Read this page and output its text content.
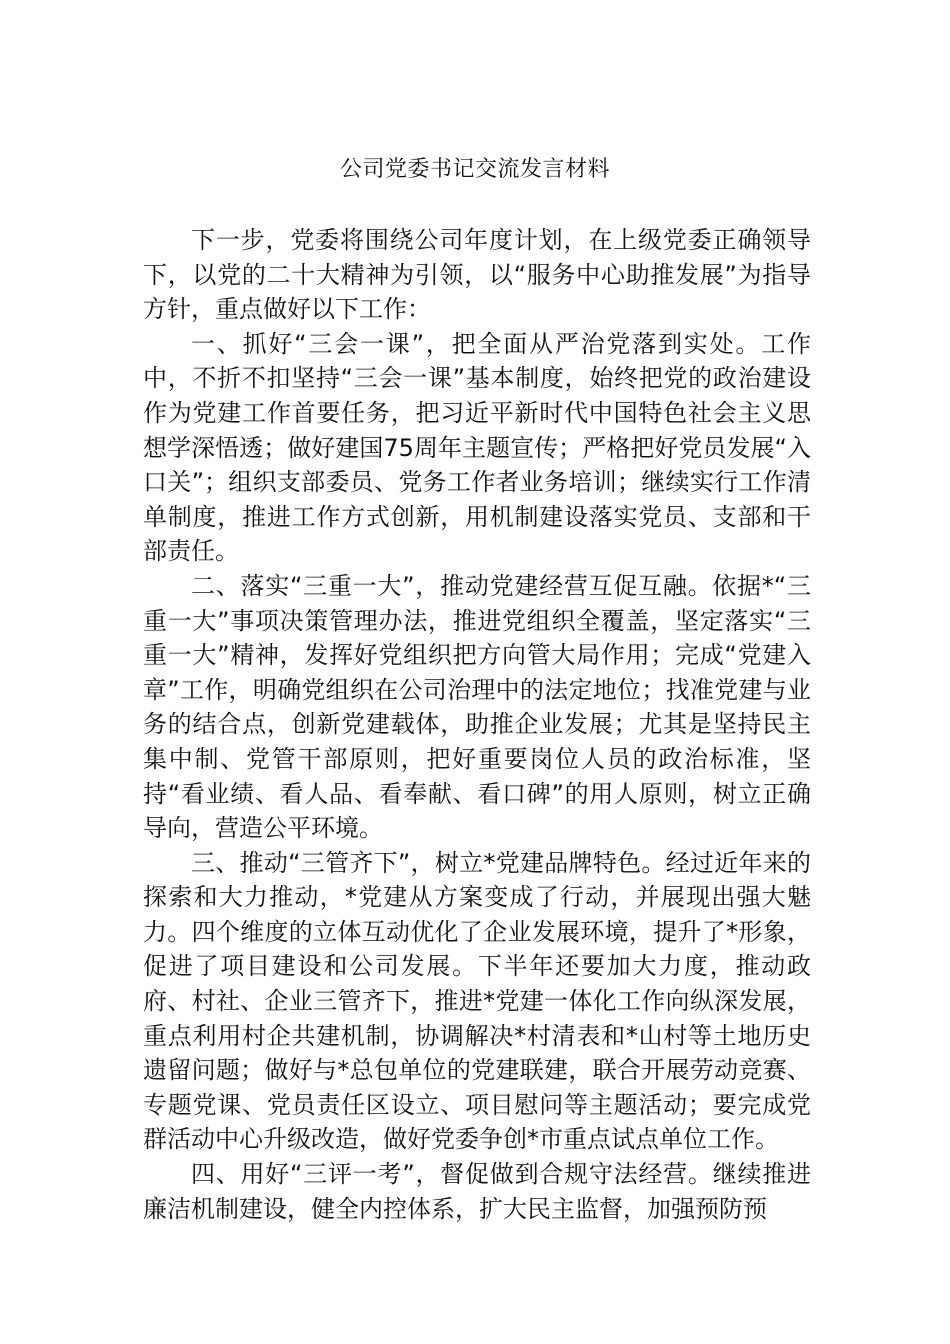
公司党委书记交流发言材料

下一步，党委将围绕公司年度计划，在上级党委正确领导下，以党的二十大精神为引领，以“服务中心助推发展”为指导方针，重点做好以下工作：

一、抓好“三会一课”，把全面从严治党落到实处。工作中，不折不扣坚持“三会一课”基本制度，始终把党的政治建设作为党建工作首要任务，把习近平新时代中国特色社会主义思想学深悟透；做好建国75周年主题宣传；严格把好党员发展“入口关”；组织支部委员、党务工作者业务培训；继续实行工作清单制度，推进工作方式创新，用机制建设落实党员、支部和干部责任。

二、落实“三重一大”，推动党建经营互促互融。依据*“三重一大”事项决策管理办法，推进党组织全覆盖，坚定落实“三重一大”精神，发挥好党组织把方向管大局作用；完成“党建入章”工作，明确党组织在公司治理中的法定地位；找准党建与业务的结合点，创新党建载体，助推企业发展；尤其是坚持民主集中制、党管干部原则，把好重要岗位人员的政治标准，坚持“看业绩、看人品、看奉献、看口碑”的用人原则，树立正确导向，营造公平环境。

三、推动“三管齐下”，树立*党建品牌特色。经过近年来的探索和大力推动，*党建从方案变成了行动，并展现出强大魅力。四个维度的立体互动优化了企业发展环境，提升了*形象，促进了项目建设和公司发展。下半年还要加大力度，推动政府、村社、企业三管齐下，推进*党建一体化工作向纵深发展，重点利用村企共建机制，协调解决*村清表和*山村等土地历史遗留问题；做好与*总包单位的党建联建，联合开展劳动竞赛、专题党课、党员责任区设立、项目慰问等主题活动；要完成党群活动中心升级改造，做好党委争创*市重点试点单位工作。

四、用好“三评一考”，督促做到合规守法经营。继续推进廉洁机制建设，健全内控体系，扩大民主监督，加强预防预
